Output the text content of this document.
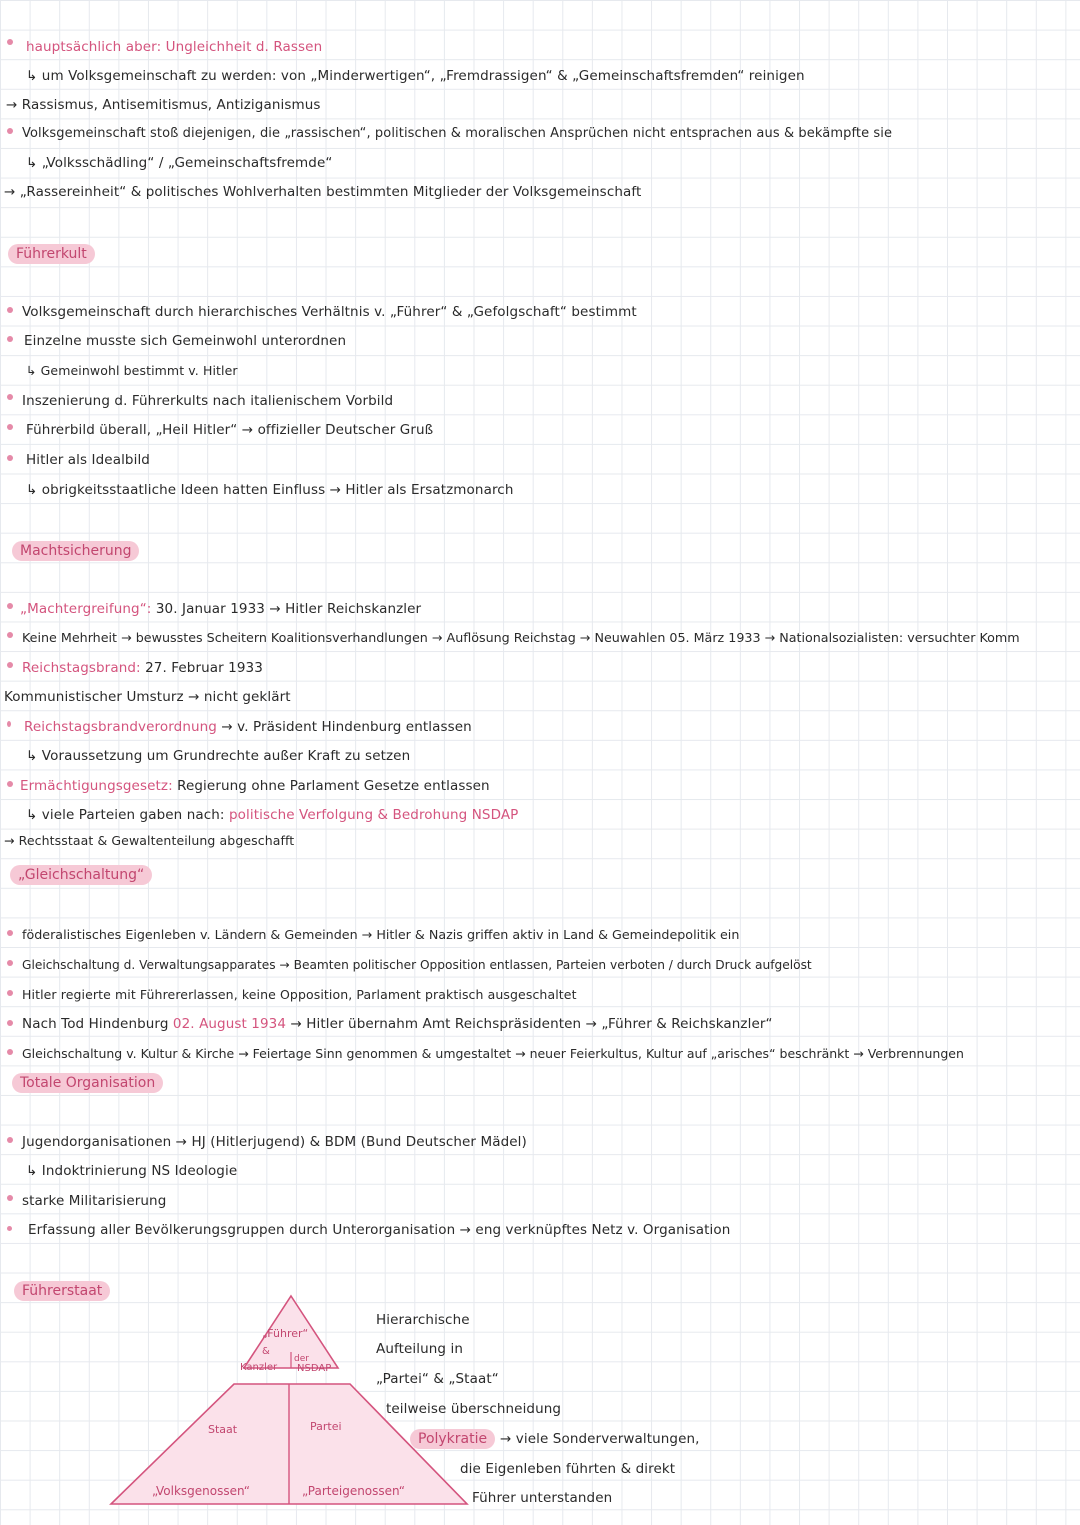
hauptsächlich aber: Ungleichheit d. Rassen
↳ um Volksgemeinschaft zu werden: von „Minderwertigen“, „Fremdrassigen“ & „Gemeinschaftsfremden“ reinigen
→ Rassismus, Antisemitismus, Antiziganismus
Volksgemeinschaft stoß diejenigen, die „rassischen“, politischen & moralischen Ansprüchen nicht entsprachen aus & bekämpfte sie
↳ „Volksschädling“ / „Gemeinschaftsfremde“
→ „Rassereinheit“ & politisches Wohlverhalten bestimmten Mitglieder der Volksgemeinschaft
Führerkult
Volksgemeinschaft durch hierarchisches Verhältnis v. „Führer“ & „Gefolgschaft“ bestimmt
Einzelne musste sich Gemeinwohl unterordnen
↳ Gemeinwohl bestimmt v. Hitler
Inszenierung d. Führerkults nach italienischem Vorbild
Führerbild überall, „Heil Hitler“ → offizieller Deutscher Gruß
Hitler als Idealbild
↳ obrigkeitsstaatliche Ideen hatten Einfluss → Hitler als Ersatzmonarch
Machtsicherung
„Machtergreifung“: 30. Januar 1933 → Hitler Reichskanzler
Keine Mehrheit → bewusstes Scheitern Koalitionsverhandlungen → Auflösung Reichstag → Neuwahlen 05. März 1933 → Nationalsozialisten: versuchter Komm
Reichstagsbrand: 27. Februar 1933
Kommunistischer Umsturz → nicht geklärt
Reichstagsbrandverordnung → v. Präsident Hindenburg entlassen
↳ Voraussetzung um Grundrechte außer Kraft zu setzen
Ermächtigungsgesetz: Regierung ohne Parlament Gesetze entlassen
↳ viele Parteien gaben nach: politische Verfolgung & Bedrohung NSDAP
→ Rechtsstaat & Gewaltenteilung abgeschafft
„Gleichschaltung“
föderalistisches Eigenleben v. Ländern & Gemeinden → Hitler & Nazis griffen aktiv in Land & Gemeindepolitik ein
Gleichschaltung d. Verwaltungsapparates → Beamten politischer Opposition entlassen, Parteien verboten / durch Druck aufgelöst
Hitler regierte mit Führererlassen, keine Opposition, Parlament praktisch ausgeschaltet
Nach Tod Hindenburg 02. August 1934 → Hitler übernahm Amt Reichspräsidenten → „Führer & Reichskanzler“
Gleichschaltung v. Kultur & Kirche → Feiertage Sinn genommen & umgestaltet → neuer Feierkultus, Kultur auf „arisches“ beschränkt → Verbrennungen
Totale Organisation
Jugendorganisationen → HJ (Hitlerjugend) & BDM (Bund Deutscher Mädel)
↳ Indoktrinierung NS Ideologie
starke Militarisierung
Erfassung aller Bevölkerungsgruppen durch Unterorganisation → eng verknüpftes Netz v. Organisation
Führerstaat
„Führer“
&
Kanzler
der
NSDAP
Staat	Partei
„Volksgenossen“	„Parteigenossen“
Hierarchische
Aufteilung in
„Partei“ & „Staat“
teilweise überschneidung
Polykratie → viele Sonderverwaltungen,
die Eigenleben führten & direkt
Führer unterstanden
